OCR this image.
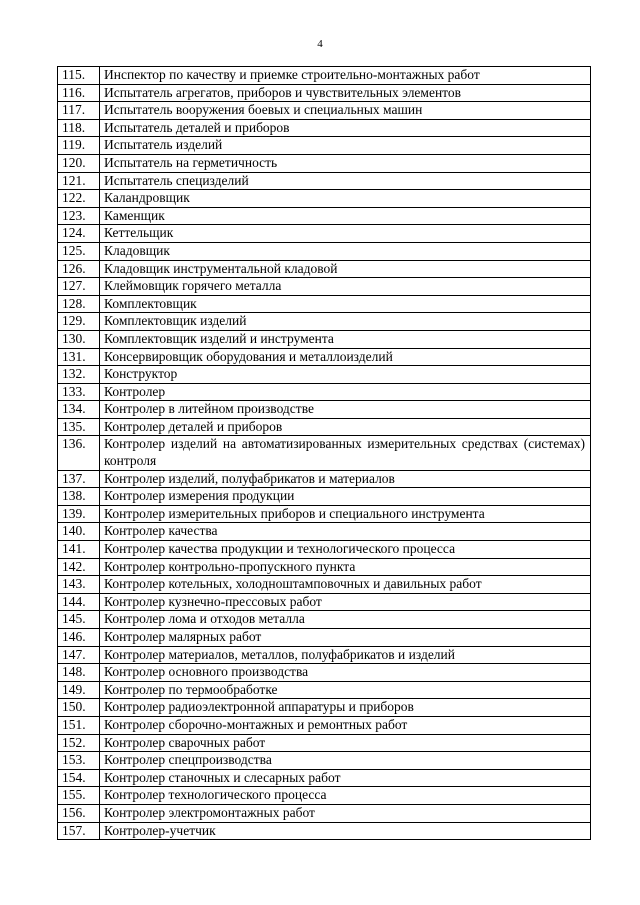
4
115.	Инспектор по качеству и приемке строительно-монтажных работ
116.	Испытатель агрегатов, приборов и чувствительных элементов
117.	Испытатель вооружения боевых и специальных машин
118.	Испытатель деталей и приборов
119.	Испытатель изделий
120.	Испытатель на герметичность
121.	Испытатель специзделий
122.	Каландровщик
123.	Каменщик
124.	Кеттельщик
125.	Кладовщик
126.	Кладовщик инструментальной кладовой
127.	Клеймовщик горячего металла
128.	Комплектовщик
129.	Комплектовщик изделий
130.	Комплектовщик изделий и инструмента
131.	Консервировщик оборудования и металлоизделий
132.	Конструктор
133.	Контролер
134.	Контролер в литейном производстве
135.	Контролер деталей и приборов
136.	Контролер изделий на автоматизированных измерительных средствах (системах) контроля
137.	Контролер изделий, полуфабрикатов и материалов
138.	Контролер измерения продукции
139.	Контролер измерительных приборов и специального инструмента
140.	Контролер качества
141.	Контролер качества продукции и технологического процесса
142.	Контролер контрольно-пропускного пункта
143.	Контролер котельных, холодноштамповочных и давильных работ
144.	Контролер кузнечно-прессовых работ
145.	Контролер лома и отходов металла
146.	Контролер малярных работ
147.	Контролер материалов, металлов, полуфабрикатов и изделий
148.	Контролер основного производства
149.	Контролер по термообработке
150.	Контролер радиоэлектронной аппаратуры и приборов
151.	Контролер сборочно-монтажных и ремонтных работ
152.	Контролер сварочных работ
153.	Контролер спецпроизводства
154.	Контролер станочных и слесарных работ
155.	Контролер технологического процесса
156.	Контролер электромонтажных работ
157.	Контролер-учетчик
